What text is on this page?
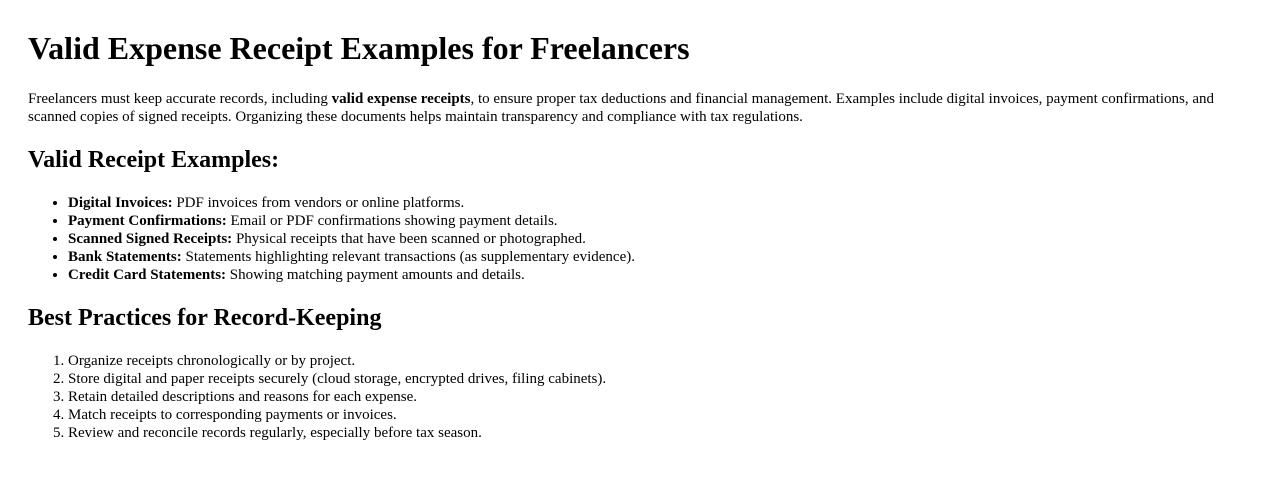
Valid Expense Receipt Examples for Freelancers

Freelancers must keep accurate records, including valid expense receipts, to ensure proper tax deductions and financial management. Examples include digital invoices, payment confirmations, and scanned copies of signed receipts. Organizing these documents helps maintain transparency and compliance with tax regulations.

Valid Receipt Examples:
• Digital Invoices: PDF invoices from vendors or online platforms.
• Payment Confirmations: Email or PDF confirmations showing payment details.
• Scanned Signed Receipts: Physical receipts that have been scanned or photographed.
• Bank Statements: Statements highlighting relevant transactions (as supplementary evidence).
• Credit Card Statements: Showing matching payment amounts and details.
Best Practices for Record-Keeping
1. Organize receipts chronologically or by project.
2. Store digital and paper receipts securely (cloud storage, encrypted drives, filing cabinets).
3. Retain detailed descriptions and reasons for each expense.
4. Match receipts to corresponding payments or invoices.
5. Review and reconcile records regularly, especially before tax season.
